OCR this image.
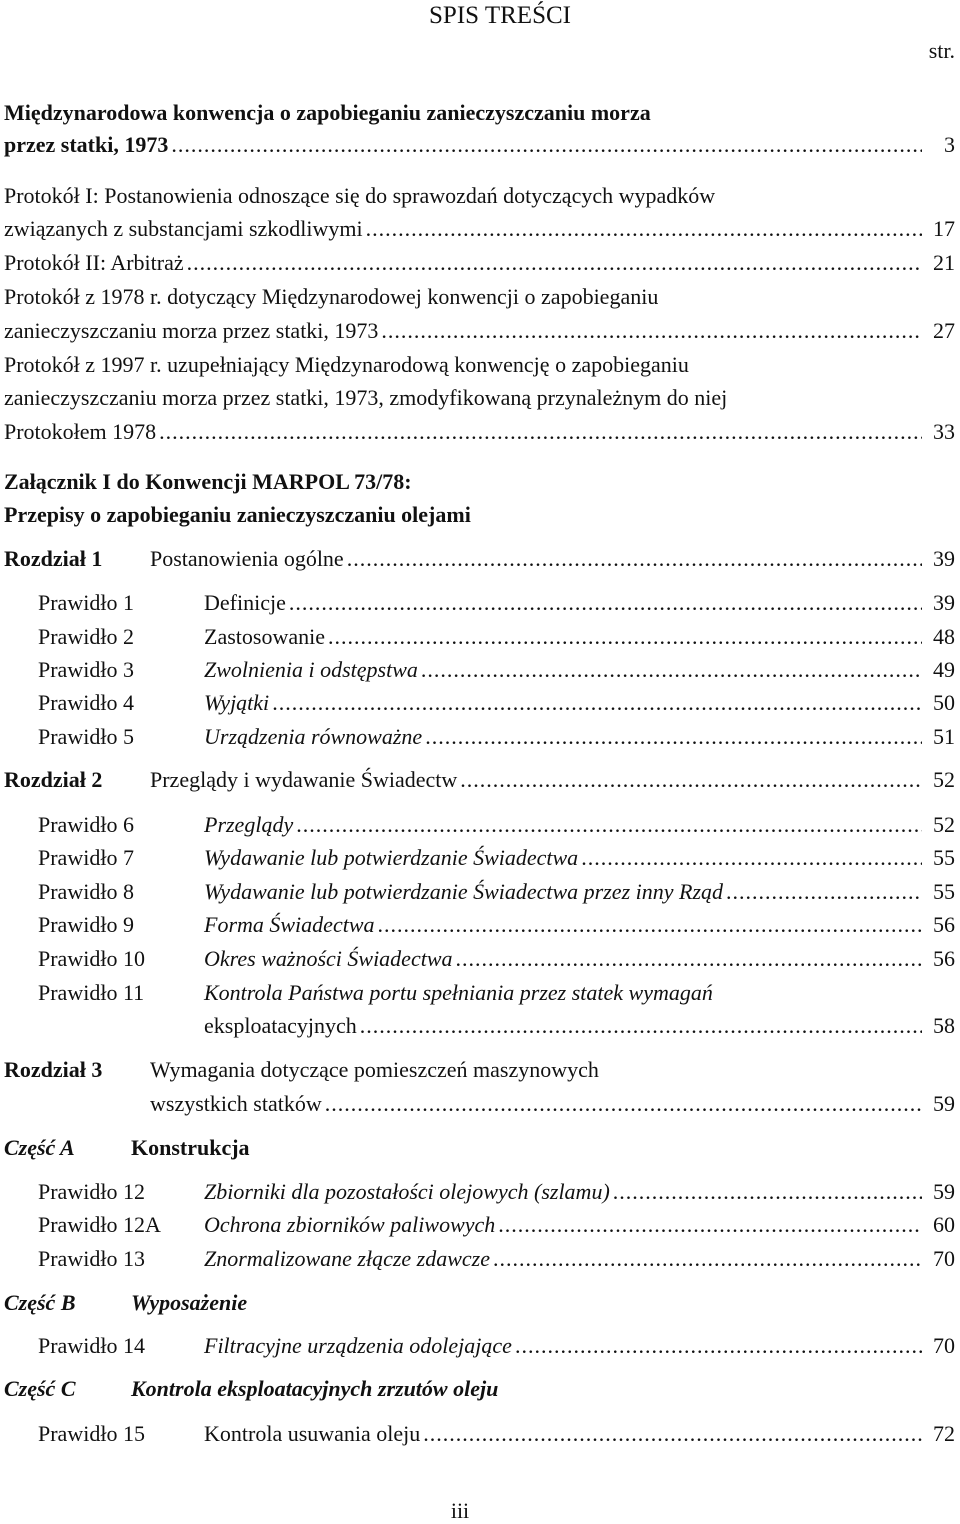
SPIS TREŚCI
str.
Międzynarodowa konwencja o zapobieganiu zanieczyszczaniu morza
przez statki, 1973 .....	3
Protokół I: Postanowienia odnoszące się do sprawozdań dotyczących wypadków
związanych z substancjami szkodliwymi .....	17
Protokół II: Arbitraż .....	21
Protokół z 1978 r. dotyczący Międzynarodowej konwencji o zapobieganiu
zanieczyszczaniu morza przez statki, 1973 .....	27
Protokół z 1997 r. uzupełniający Międzynarodową konwencję o zapobieganiu
zanieczyszczaniu morza przez statki, 1973, zmodyfikowaną przynależnym do niej
Protokołem 1978 .....	33
Załącznik I do Konwencji MARPOL 73/78:
Przepisy o zapobieganiu zanieczyszczaniu olejami
Rozdział 1 Postanowienia ogólne .....	39
Prawidło 1	Definicje .....	39
Prawidło 2	Zastosowanie .....	48
Prawidło 3	Zwolnienia i odstępstwa .....	49
Prawidło 4	Wyjątki .....	50
Prawidło 5	Urządzenia równoważne .....	51
Rozdział 2 Przeglądy i wydawanie Świadectw .....	52
Prawidło 6	Przeglądy .....	52
Prawidło 7	Wydawanie lub potwierdzanie Świadectwa .....	55
Prawidło 8	Wydawanie lub potwierdzanie Świadectwa przez inny Rząd .....	55
Prawidło 9	Forma Świadectwa .....	56
Prawidło 10	Okres ważności Świadectwa .....	56
Prawidło 11	Kontrola Państwa portu spełniania przez statek wymagań
eksploatacyjnych .....	58
Rozdział 3 Wymagania dotyczące pomieszczeń maszynowych
wszystkich statków .....	59
Część A	Konstrukcja
Prawidło 12	Zbiorniki dla pozostałości olejowych (szlamu) .....	59
Prawidło 12A Ochrona zbiorników paliwowych .....	60
Prawidło 13	Znormalizowane złącze zdawcze .....	70
Część B	Wyposażenie
Prawidło 14	Filtracyjne urządzenia odolejające .....	70
Część C	Kontrola eksploatacyjnych zrzutów oleju
Prawidło 15	Kontrola usuwania oleju .....	72
iii
